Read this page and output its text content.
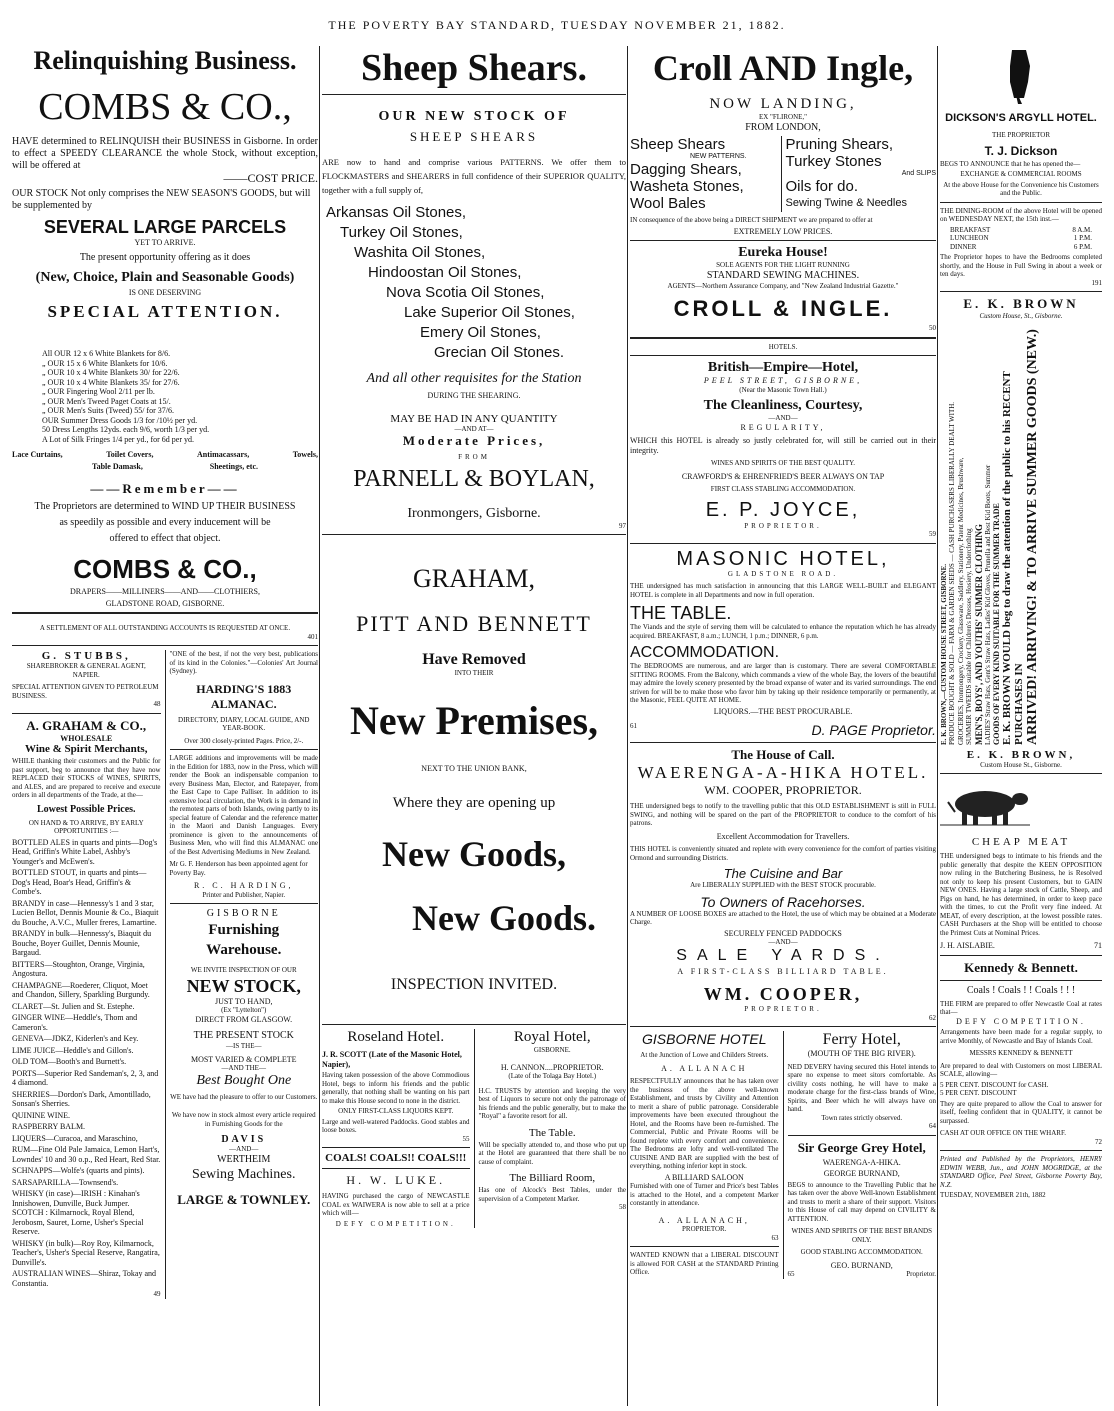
THE POVERTY BAY STANDARD, TUESDAY NOVEMBER 21, 1882.
Relinquishing Business.
COMBS & CO.,
HAVE determined to RELINQUISH their BUSINESS in Gisborne. In order to effect a SPEEDY CLEARANCE the whole Stock, without exception, will be offered at
——COST PRICE.
OUR STOCK Not only comprises the NEW SEASON'S GOODS, but will be supplemented by
SEVERAL LARGE PARCELS
YET TO ARRIVE.
The present opportunity offering as it does
(New, Choice, Plain and Seasonable Goods)
IS ONE DESERVING
SPECIAL ATTENTION.
All OUR 12 x 6 White Blankets for 8/6.
„ OUR 15 x 6 White Blankets for 10/6.
„ OUR 10 x 4 White Blankets 30/ for 22/6.
„ OUR 10 x 4 White Blankets 35/ for 27/6.
„ OUR Fingering Wool 2/11 per lb.
„ OUR Men's Tweed Paget Coats at 15/.
„ OUR Men's Suits (Tweed) 55/ for 37/6.
OUR Summer Dress Goods 1/3 for /10½ per yd.
50 Dress Lengths 12yds. each 9/6, worth 1/3 per yd.
A Lot of Silk Fringes 1/4 per yd., for 6d per yd.
Lace Curtains,	Toilet Covers,	Antimacassars,	Towels,
Table Damask,	Sheetings, etc.
——Remember——
The Proprietors are determined to WIND UP THEIR BUSINESS
as speedily as possible and every inducement will be
offered to effect that object.
COMBS & CO.,
DRAPERS——MILLINERS——AND——CLOTHIERS,
GLADSTONE ROAD, GISBORNE.
A SETTLEMENT OF ALL OUTSTANDING ACCOUNTS IS REQUESTED AT ONCE.
401
G. STUBBS,
SHAREBROKER & GENERAL AGENT,
NAPIER.
SPECIAL ATTENTION GIVEN TO PETROLEUM BUSINESS.
48
A. GRAHAM & CO.,
WHOLESALE
Wine & Spirit Merchants,
WHILE thanking their customers and the Public for past support, beg to announce that they have now REPLACED their STOCKS of WINES, SPIRITS, and ALES, and are prepared to receive and execute orders in all departments of the Trade, at the—
Lowest Possible Prices.
ON HAND & TO ARRIVE, BY EARLY OPPORTUNITIES :—
BOTTLED ALES in quarts and pints—Dog's Head, Griffin's White Label, Ashby's Younger's and McEwen's.
BOTTLED STOUT, in quarts and pints—Dog's Head, Boar's Head, Griffin's & Combe's.
BRANDY in case—Hennessy's 1 and 3 star, Lucien Bellot, Dennis Mounie & Co., Biaquit du Bouche, A.V.C., Muller freres, Lamartine.
BRANDY in bulk—Hennessy's, Biaquit du Bouche, Boyer Guillet, Dennis Mounie, Bargaud.
BITTERS—Stoughton, Orange, Virginia, Angostura.
CHAMPAGNE—Roederer, Cliquot, Moet and Chandon, Sillery, Sparkling Burgundy.
CLARET—St. Julien and St. Estephe.
GINGER WINE—Heddle's, Thom and Cameron's.
GENEVA—JDKZ, Kiderlen's and Key.
LIME JUICE—Heddle's and Gillon's.
OLD TOM—Booth's and Burnett's.
PORTS—Superior Red Sandeman's, 2, 3, and 4 diamond.
SHERRIES—Dordon's Dark, Amontillado, Sonsan's Sherries.
QUININE WINE.
RASPBERRY BALM.
LIQUERS—Curacoa, and Maraschino,
RUM—Fine Old Pale Jamaica, Lemon Hart's, Lowndes' 10 and 30 o.p., Red Heart, Red Star.
SCHNAPPS—Wolfe's (quarts and pints).
SARSAPARILLA—Townsend's.
WHISKY (in case)—IRISH : Kinahan's Innishowen, Dunville, Buck Jumper. SCOTCH : Kilmarnock, Royal Blend, Jerobosm, Sauret, Lorne, Usher's Special Reserve.
WHISKY (in bulk)—Roy Roy, Kilmarnock, Teacher's, Usher's Special Reserve, Rangatira, Dunville's.
AUSTRALIAN WINES—Shiraz, Tokay and Constantia.
49
"ONE of the best, if not the very best, publications of its kind in the Colonies."—Colonies' Art Journal (Sydney).
HARDING'S 1883 ALMANAC.
DIRECTORY, DIARY, LOCAL GUIDE, AND YEAR-BOOK.
Over 300 closely-printed Pages. Price, 2/-.
LARGE additions and improvements will be made in the Edition for 1883, now in the Press, which will render the Book an indispensable companion to every Business Man, Elector, and Ratepayer, from the East Cape to Cape Palliser. In addition to its extensive local circulation, the Work is in demand in the remotest parts of both Islands, owing partly to its special feature of Calendar and the reference matter in the Maori and Danish Languages. Every prominence is given to the announcements of Business Men, who will find this ALMANAC one of the Best Advertising Mediums in New Zealand.
Mr G. F. Henderson has been appointed agent for Poverty Bay.
R. C. HARDING,
Printer and Publisher, Napier.
GISBORNE
Furnishing Warehouse.
WE INVITE INSPECTION OF OUR
NEW STOCK,
JUST TO HAND,
(Ex "Lyttelton")
DIRECT FROM GLASGOW.
THE PRESENT STOCK
—IS THE—
MOST VARIED & COMPLETE
—AND THE—
Best Bought One
WE have had the pleasure to offer to our Customers.
We have now in stock almost every article required in Furnishing Goods for the
DAVIS
—AND—
WERTHEIM
Sewing Machines.
LARGE & TOWNLEY.
Sheep Shears.
OUR NEW STOCK OF
SHEEP SHEARS
ARE now to hand and comprise various PATTERNS. We offer them to FLOCKMASTERS and SHEARERS in full confidence of their SUPERIOR QUALITY, together with a full supply of,
Arkansas Oil Stones,
Turkey Oil Stones,
Washita Oil Stones,
Hindoostan Oil Stones,
Nova Scotia Oil Stones,
Lake Superior Oil Stones,
Emery Oil Stones,
Grecian Oil Stones.
And all other requisites for the Station
DURING THE SHEARING.
MAY BE HAD IN ANY QUANTITY
—AND AT—
Moderate Prices,
FROM
PARNELL & BOYLAN,
Ironmongers, Gisborne.
97
GRAHAM,
PITT AND BENNETT
Have Removed
INTO THEIR
New Premises,
NEXT TO THE UNION BANK,
Where they are opening up
New Goods,
New Goods.
INSPECTION INVITED.
Roseland Hotel.
J. R. SCOTT (Late of the Masonic Hotel, Napier),
Having taken possession of the above Commodious Hotel, begs to inform his friends and the public generally, that nothing shall be wanting on his part to make this House second to none in the district.
ONLY FIRST-CLASS LIQUORS KEPT.
Large and well-watered Paddocks. Good stables and loose boxes.
55
COALS! COALS!! COALS!!!
H. W. LUKE.
HAVING purchased the cargo of NEWCASTLE COAL ex WAIWERA is now able to sell at a price which will—
DEFY COMPETITION.
Royal Hotel,
GISBORNE.
H. CANNON....PROPRIETOR.
(Late of the Tolaga Bay Hotel.)
H.C. TRUSTS by attention and keeping the very best of Liquors to secure not only the patronage of his friends and the public generally, but to make the "Royal" a favorite resort for all.
The Table.
Will be specially attended to, and those who put up at the Hotel are guaranteed that there shall be no cause of complaint.
The Billiard Room,
Has one of Alcock's Best Tables, under the supervision of a Competent Marker.
58
Croll AND Ingle,
NOW LANDING,
EX "FLIRONE,"
FROM LONDON,
Sheep Shears
NEW PATTERNS.
Dagging Shears,
Washeta Stones,
Wool Bales
Pruning Shears,
Turkey Stones
And SLIPS
Oils for do.
Sewing Twine & Needles
IN consequence of the above being a DIRECT SHIPMENT we are prepared to offer at
EXTREMELY LOW PRICES.
Eureka House!
SOLE AGENTS FOR THE LIGHT RUNNING
STANDARD SEWING MACHINES.
AGENTS—Northern Assurance Company, and "New Zealand Industrial Gazette."
CROLL & INGLE.
50
HOTELS.
British—Empire—Hotel,
PEEL STREET, GISBORNE,
(Near the Masonic Town Hall.)
The Cleanliness, Courtesy,
—AND—
REGULARITY,
WHICH this HOTEL is already so justly celebrated for, will still be carried out in their integrity.
WINES AND SPIRITS OF THE BEST QUALITY.
CRAWFORD'S & EHRENFRIED'S BEER ALWAYS ON TAP
FIRST CLASS STABLING ACCOMMODATION.
E. P. JOYCE,
PROPRIETOR.
59
MASONIC HOTEL,
GLADSTONE ROAD.
THE undersigned has much satisfaction in announcing that this LARGE WELL-BUILT and ELEGANT HOTEL is complete in all Departments and now in full operation.
THE TABLE.
The Viands and the style of serving them will be calculated to enhance the reputation which he has already acquired. BREAKFAST, 8 a.m.; LUNCH, 1 p.m.; DINNER, 6 p.m.
ACCOMMODATION.
The BEDROOMS are numerous, and are larger than is customary. There are several COMFORTABLE SITTING ROOMS. From the Balcony, which commands a view of the whole Bay, the lovers of the beautiful may admire the lovely scenery presented by the broad expanse of water and its varied surroundings. The end striven for will be to make those who favor him by taking up their residence temporarily or permanently, at the Masonic, FEEL QUITE AT HOME.
LIQUORS.—THE BEST PROCURABLE.
61	D. PAGE Proprietor.
The House of Call.
WAERENGA-A-HIKA HOTEL.
WM. COOPER, PROPRIETOR.
THE undersigned begs to notify to the travelling public that this OLD ESTABLISHMENT is still in FULL SWING, and nothing will be spared on the part of the PROPRIETOR to conduce to the comfort of his patrons.
Excellent Accommodation for Travellers.
THIS HOTEL is conveniently situated and replete with every convenience for the comfort of parties visiting Ormond and surrounding Districts.
The Cuisine and Bar
Are LIBERALLY SUPPLIED with the BEST STOCK procurable.
To Owners of Racehorses.
A NUMBER OF LOOSE BOXES are attached to the Hotel, the use of which may be obtained at a Moderate Charge.
SECURELY FENCED PADDOCKS
—AND—
SALE YARDS.
A FIRST-CLASS BILLIARD TABLE.
WM. COOPER,
PROPRIETOR.
62
GISBORNE HOTEL
At the Junction of Lowe and Childers Streets.
A. ALLANACH
RESPECTFULLY announces that he has taken over the business of the above well-known Establishment, and trusts by Civility and Attention to merit a share of public patronage. Considerable improvements have been executed throughout the Hotel, and the Rooms have been re-furnished. The Commercial, Public and Private Rooms will be found replete with every comfort and convenience. The Bedrooms are lofty and well-ventilated The CUISINE AND BAR are supplied with the best of everything, nothing inferior kept in stock.
A BILLIARD SALOON
Furnished with one of Turner and Price's best Tables is attached to the Hotel, and a competent Marker constantly in attendance.
A. ALLANACH,
PROPRIETOR.
63
WANTED KNOWN that a LIBERAL DISCOUNT is allowed FOR CASH at the STANDARD Printing Office.
Ferry Hotel,
(MOUTH OF THE BIG RIVER).
NED DEVERY having secured this Hotel intends to spare no expense to meet sitors comfortable. As civility costs nothing, he will have to make a moderate charge for the first-class brands of Wine, Spirits, and Beer which he will always have on hand.
Town rates strictly observed.
64
Sir George Grey Hotel,
WAERENGA-A-HIKA.
GEORGE BURNAND,
BEGS to announce to the Travelling Public that he has taken over the above Well-known Establishment and trusts to merit a share of their support. Visitors to this House of call may depend on CIVILITY & ATTENTION.
WINES AND SPIRITS OF THE BEST BRANDS ONLY.
GOOD STABLING ACCOMMODATION.
GEO. BURNAND,
65	Proprietor.
DICKSON'S ARGYLL HOTEL.
THE PROPRIETOR
T. J. Dickson
BEGS TO ANNOUNCE that he has opened the—
EXCHANGE & COMMERCIAL ROOMS
At the above House for the Convenience his Customers and the Public.
THE DINING-ROOM of the above Hotel will be opened on WEDNESDAY NEXT, the 15th inst.—
BREAKFAST	8 A.M.
LUNCHEON	1 P.M.
DINNER	6 P.M.
The Proprietor hopes to have the Bedrooms completed shortly, and the House in Full Swing in about a week or ten days.
191
E. K. BROWN
Custom House, St., Gisborne.
E. K. BROWN,—CUSTOM HOUSE STREET, GISBORNE. PRODUCE BOUGHT & SOLD — FARM & GARDEN SEEDS — CASH PURCHASERS LIBERALLY DEALT WITH. GROCERIES, Ironmongery, Crockery, Glassware, Saddlery, Stationery, Patent Medicines, Brushware, SUMMER TWEEDS suitable for Children's Dresses, Hosiery, Underclothing MEN'S, BOYS', AND YOUTHS' SUMMER CLOTHING LADIES' Straw Hats, Gent's Straw Hats, Ladies' Kid Gloves, Prunella and Best Kid Boots, Summer GOODS OF EVERY KIND SUITABLE FOR THE SUMMER TRADE E. K. BROWN WOULD beg to draw the attention of the public to his RECENT PURCHASES IN ARRIVED! ARRIVING! & TO ARRIVE SUMMER GOODS (NEW.)
E. K. BROWN,
Custom House St., Gisborne.
CHEAP MEAT
THE undersigned begs to intimate to his friends and the public generally that despite the KEEN OPPOSITION now ruling in the Butchering Business, he is Resolved not only to keep his present Customers, but to GAIN NEW ONES. Having a large stock of Cattle, Sheep, and Pigs on hand, he has determined, in order to keep pace with the times, to cut the Profit very fine indeed. At MEAT, of every description, at the lowest possible rates. CASH Purchasers at the Shop will be entitled to choose the Primest Cuts at Nominal Prices.
J. H. AISLABIE.	71
Kennedy & Bennett.
Coals ! Coals ! ! Coals ! ! !
THE FIRM are prepared to offer Newcastle Coal at rates that—
DEFY COMPETITION.
Arrangements have been made for a regular supply, to arrive Monthly, of Newcastle and Bay of Islands Coal.
MESSRS KENNEDY & BENNETT
Are prepared to deal with Customers on most LIBERAL SCALE, allowing—
5 PER CENT. DISCOUNT for CASH.
5 PER CENT. DISCOUNT
They are quite prepared to allow the Coal to answer for itself, feeling confident that in QUALITY, it cannot be surpassed.
CASH AT OUR OFFICE ON THE WHARF.
72
Printed and Published by the Proprietors, HENRY EDWIN WEBB, Jun., and JOHN MOGRIDGE, at the STANDARD Office, Peel Street, Gisborne Poverty Bay, N.Z.
TUESDAY, NOVEMBER 21th, 1882
